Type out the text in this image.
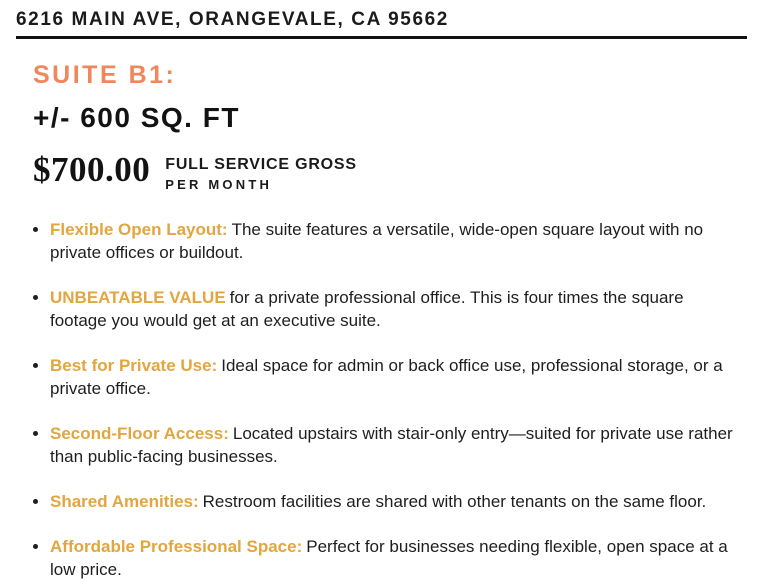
6216 MAIN AVE, ORANGEVALE, CA 95662
SUITE B1:
+/- 600 SQ. FT
$700.00 FULL SERVICE GROSS
PER MONTH
Flexible Open Layout: The suite features a versatile, wide-open square layout with no private offices or buildout.
UNBEATABLE VALUE for a private professional office. This is four times the square footage you would get at an executive suite.
Best for Private Use: Ideal space for admin or back office use, professional storage, or a private office.
Second-Floor Access: Located upstairs with stair-only entry—suited for private use rather than public-facing businesses.
Shared Amenities: Restroom facilities are shared with other tenants on the same floor.
Affordable Professional Space: Perfect for businesses needing flexible, open space at a low price.
